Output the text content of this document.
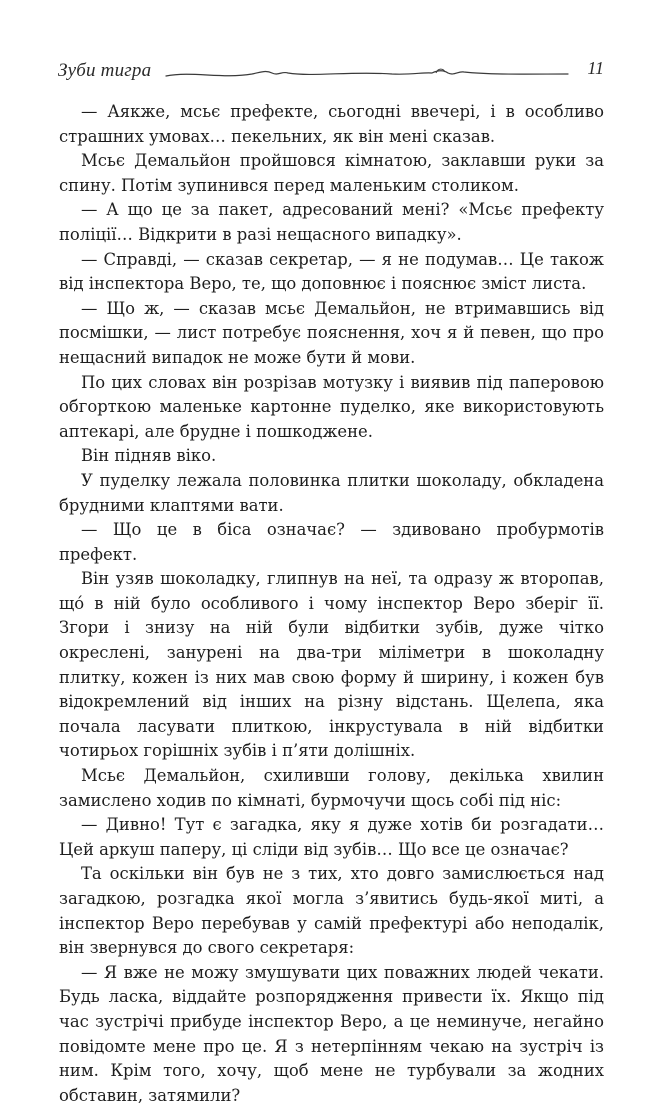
Зуби тигра	11

— Аякже, мсьє префекте, сьогодні ввечері, і в особливо страшних умовах… пекельних, як він мені сказав.

Мсьє Демальйон пройшовся кімнатою, заклавши руки за спину. Потім зупинився перед маленьким столиком.

— А що це за пакет, адресований мені? «Мсьє префекту поліції… Відкрити в разі нещасного випадку».

— Справді, — сказав секретар, — я не подумав… Це також від інспектора Веро, те, що доповнює і пояснює зміст листа.

— Що ж, — сказав мсьє Демальйон, не втримавшись від посмішки, — лист потребує пояснення, хоч я й певен, що про нещасний випадок не може бути й мови.

По цих словах він розрізав мотузку і виявив під паперовою обгорткою маленьке картонне пуделко, яке використовують аптекарі, але брудне і пошкоджене.

Він підняв віко.

У пуделку лежала половинка плитки шоколаду, обкладена брудними клаптями вати.

— Що це в біса означає? — здивовано пробурмотів префект.

Він узяв шоколадку, глипнув на неї, та одразу ж второпав, що́ в ній було особливого і чому інспектор Веро зберіг її. Згори і знизу на ній були відбитки зубів, дуже чітко окреслені, занурені на два-три міліметри в шоколадну плитку, кожен із них мав свою форму й ширину, і кожен був відокремлений від інших на різну відстань. Щелепа, яка почала ласувати плиткою, інкрустувала в ній відбитки чотирьох горішніх зубів і п’яти долішніх.

Мсьє Демальйон, схиливши голову, декілька хвилин замислено ходив по кімнаті, бурмочучи щось собі під ніс:

— Дивно! Тут є загадка, яку я дуже хотів би розгадати… Цей аркуш паперу, ці сліди від зубів… Що все це означає?

Та оскільки він був не з тих, хто довго замислюється над загадкою, розгадка якої могла з’явитись будь-якої миті, а інспектор Веро перебував у самій префектурі або неподалік, він звернувся до свого секретаря:

— Я вже не можу змушувати цих поважних людей чекати. Будь ласка, віддайте розпорядження привести їх. Якщо під час зустрічі прибуде інспектор Веро, а це неминуче, негайно повідомте мене про це. Я з нетерпінням чекаю на зустріч із ним. Крім того, хочу, щоб мене не турбували за жодних обставин, затямили?
